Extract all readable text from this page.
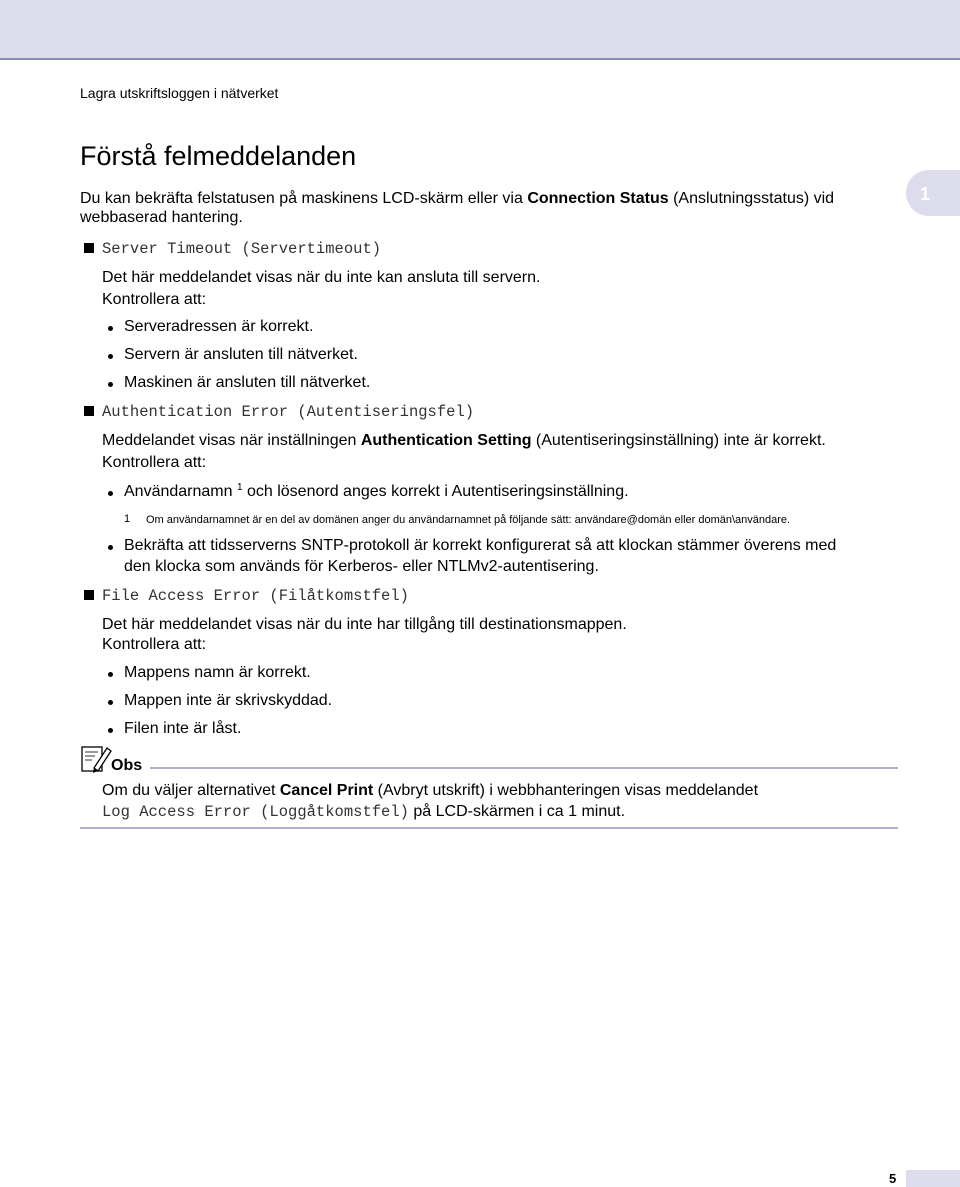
Lagra utskriftsloggen i nätverket
Förstå felmeddelanden
1
Du kan bekräfta felstatusen på maskinens LCD-skärm eller via Connection Status (Anslutningsstatus) vid
webbaserad hantering.
Server Timeout (Servertimeout)
Det här meddelandet visas när du inte kan ansluta till servern.
Kontrollera att:
Serveradressen är korrekt.
Servern är ansluten till nätverket.
Maskinen är ansluten till nätverket.
Authentication Error (Autentiseringsfel)
Meddelandet visas när inställningen Authentication Setting (Autentiseringsinställning) inte är korrekt.
Kontrollera att:
Användarnamn $^1$ och lösenord anges korrekt i Autentiseringsinställning.
1 Om användarnamnet är en del av domänen anger du användarnamnet på följande sätt: användare@domän eller domän\användare.
Bekräfta att tidsserverns SNTP-protokoll är korrekt konfigurerat så att klockan stämmer överens med
den klocka som används för Kerberos- eller NTLMv2-autentisering.
File Access Error (Filåtkomstfel)
Det här meddelandet visas när du inte har tillgång till destinationsmappen.
Kontrollera att:
Mappens namn är korrekt.
Mappen inte är skrivskyddad.
Filen inte är låst.
Obs
Om du väljer alternativet Cancel Print (Avbryt utskrift) i webbhanteringen visas meddelandet
Log Access Error (Loggåtkomstfel) på LCD-skärmen i ca 1 minut.
5
